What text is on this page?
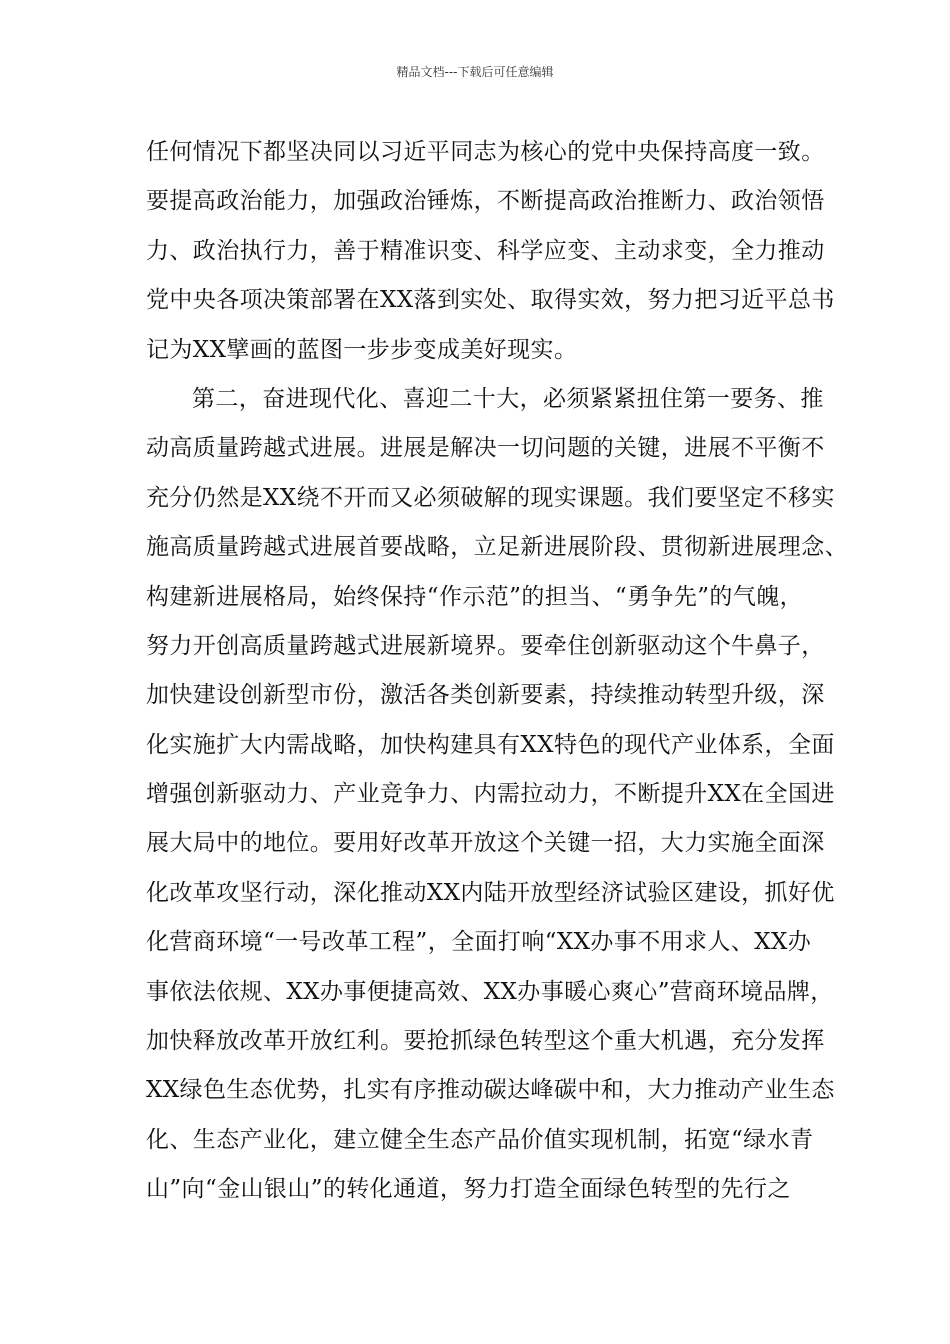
精品文档---下载后可任意编辑
任何情况下都坚决同以习近平同志为核心的党中央保持高度一致。
要提高政治能力，加强政治锤炼，不断提高政治推断力、政治领悟
力、政治执行力，善于精准识变、科学应变、主动求变，全力推动
党中央各项决策部署在XX落到实处、取得实效，努力把习近平总书
记为XX擘画的蓝图一步步变成美好现实。
第二，奋进现代化、喜迎二十大，必须紧紧扭住第一要务、推
动高质量跨越式进展。进展是解决一切问题的关键，进展不平衡不
充分仍然是XX绕不开而又必须破解的现实课题。我们要坚定不移实
施高质量跨越式进展首要战略，立足新进展阶段、贯彻新进展理念、
构建新进展格局，始终保持“作示范”的担当、“勇争先”的气魄，
努力开创高质量跨越式进展新境界。要牵住创新驱动这个牛鼻子，
加快建设创新型市份，激活各类创新要素，持续推动转型升级，深
化实施扩大内需战略，加快构建具有XX特色的现代产业体系，全面
增强创新驱动力、产业竞争力、内需拉动力，不断提升XX在全国进
展大局中的地位。要用好改革开放这个关键一招，大力实施全面深
化改革攻坚行动，深化推动XX内陆开放型经济试验区建设，抓好优
化营商环境“一号改革工程”，全面打响“XX办事不用求人、XX办
事依法依规、XX办事便捷高效、XX办事暖心爽心”营商环境品牌，
加快释放改革开放红利。要抢抓绿色转型这个重大机遇，充分发挥
XX绿色生态优势，扎实有序推动碳达峰碳中和，大力推动产业生态
化、生态产业化，建立健全生态产品价值实现机制，拓宽“绿水青
山”向“金山银山”的转化通道，努力打造全面绿色转型的先行之
